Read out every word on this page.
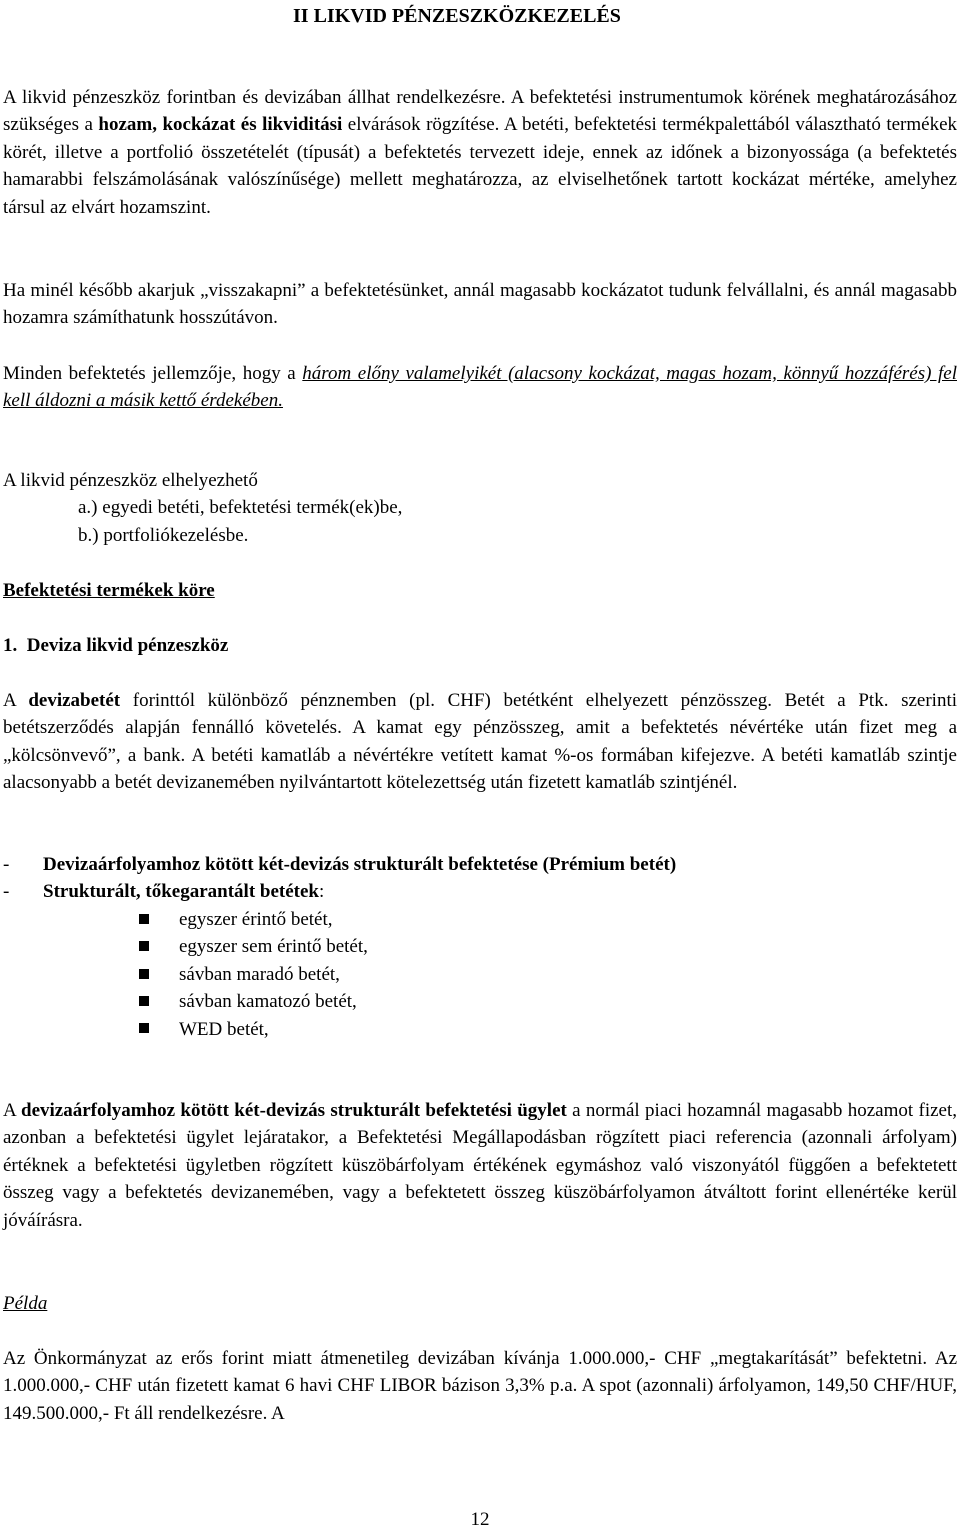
II LIKVID PÉNZESZKÖZKEZELÉS

A likvid pénzeszköz forintban és devizában állhat rendelkezésre. A befektetési instrumentumok körének meghatározásához szükséges a hozam, kockázat és likviditási elvárások rögzítése. A betéti, befektetési termékpalettából választható termékek körét, illetve a portfolió összetételét (típusát) a befektetés tervezett ideje, ennek az időnek a bizonyossága (a befektetés hamarabbi felszámolásának valószínűsége) mellett meghatározza, az elviselhetőnek tartott kockázat mértéke, amelyhez társul az elvárt hozamszint.

Ha minél később akarjuk „visszakapni” a befektetésünket, annál magasabb kockázatot tudunk felvállalni, és annál magasabb hozamra számíthatunk hosszútávon.

Minden befektetés jellemzője, hogy a három előny valamelyikét (alacsony kockázat, magas hozam, könnyű hozzáférés) fel kell áldozni a másik kettő érdekében.

A likvid pénzeszköz elhelyezhető

a.) egyedi betéti, befektetési termék(ek)be,

b.) portfoliókezelésbe.

Befektetési termékek köre

1.  Deviza likvid pénzeszköz

A devizabetét forinttól különböző pénznemben (pl. CHF) betétként elhelyezett pénzösszeg. Betét a Ptk. szerinti betétszerződés alapján fennálló követelés. A kamat egy pénzösszeg, amit a befektetés névértéke után fizet meg a „kölcsönvevő”, a bank. A betéti kamatláb a névértékre vetített kamat %-os formában kifejezve. A betéti kamatláb szintje alacsonyabb a betét devizanemében nyilvántartott kötelezettség után fizetett kamatláb szintjénél.

-	Devizaárfolyamhoz kötött két-devizás strukturált befektetése (Prémium betét)
-	Strukturált, tőkegarantált betétek:
egyszer érintő betét,
egyszer sem érintő betét,
sávban maradó betét,
sávban kamatozó betét,
WED betét,

A devizaárfolyamhoz kötött két-devizás strukturált befektetési ügylet a normál piaci hozamnál magasabb hozamot fizet, azonban a befektetési ügylet lejáratakor, a Befektetési Megállapodásban rögzített piaci referencia (azonnali árfolyam) értéknek a befektetési ügyletben rögzített küszöbárfolyam értékének egymáshoz való viszonyától függően a befektetett összeg vagy a befektetés devizanemében, vagy a befektetett összeg küszöbárfolyamon átváltott forint ellenértéke kerül jóváírásra.

Példa

Az Önkormányzat az erős forint miatt átmenetileg devizában kívánja 1.000.000,- CHF „megtakarítását” befektetni. Az 1.000.000,- CHF után fizetett kamat 6 havi CHF LIBOR bázison 3,3% p.a. A spot (azonnali) árfolyamon, 149,50 CHF/HUF, 149.500.000,- Ft áll rendelkezésre. A

12
